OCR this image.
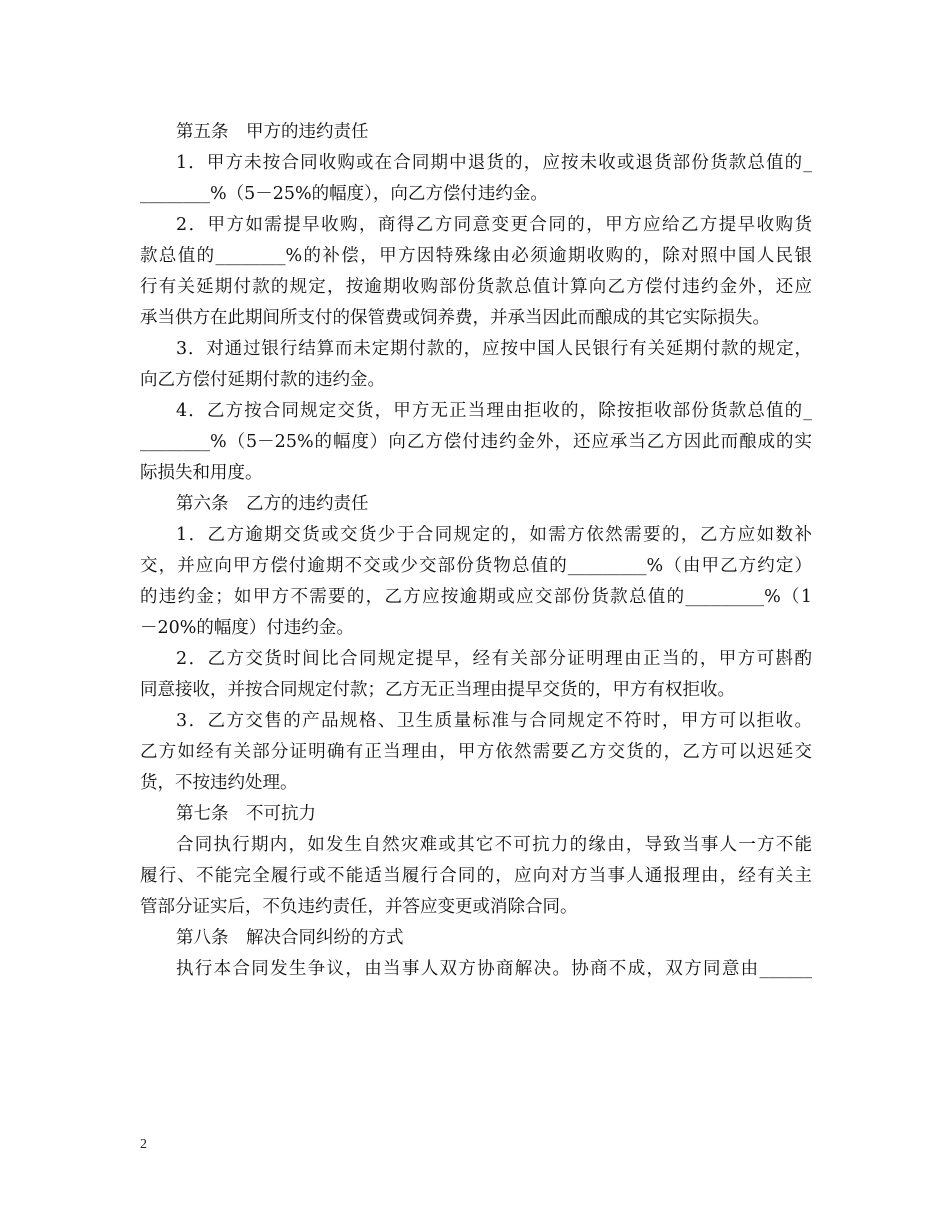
第五条　甲方的违约责任
1．甲方未按合同收购或在合同期中退货的，应按未收或退货部份货款总值的_
________%（5－25%的幅度），向乙方偿付违约金。
2．甲方如需提早收购，商得乙方同意变更合同的，甲方应给乙方提早收购货
款总值的________%的补偿，甲方因特殊缘由必须逾期收购的，除对照中国人民银
行有关延期付款的规定，按逾期收购部份货款总值计算向乙方偿付违约金外，还应
承当供方在此期间所支付的保管费或饲养费，并承当因此而酿成的其它实际损失。
3．对通过银行结算而未定期付款的，应按中国人民银行有关延期付款的规定，
向乙方偿付延期付款的违约金。
4．乙方按合同规定交货，甲方无正当理由拒收的，除按拒收部份货款总值的_
________%（5－25%的幅度）向乙方偿付违约金外，还应承当乙方因此而酿成的实
际损失和用度。
第六条　乙方的违约责任
1．乙方逾期交货或交货少于合同规定的，如需方依然需要的，乙方应如数补
交，并应向甲方偿付逾期不交或少交部份货物总值的_________%（由甲乙方约定）
的违约金；如甲方不需要的，乙方应按逾期或应交部份货款总值的_________%（1
－20%的幅度）付违约金。
2．乙方交货时间比合同规定提早，经有关部分证明理由正当的，甲方可斟酌
同意接收，并按合同规定付款；乙方无正当理由提早交货的，甲方有权拒收。
3．乙方交售的产品规格、卫生质量标准与合同规定不符时，甲方可以拒收。
乙方如经有关部分证明确有正当理由，甲方依然需要乙方交货的，乙方可以迟延交
货，不按违约处理。
第七条　不可抗力
合同执行期内，如发生自然灾难或其它不可抗力的缘由，导致当事人一方不能
履行、不能完全履行或不能适当履行合同的，应向对方当事人通报理由，经有关主
管部分证实后，不负违约责任，并答应变更或消除合同。
第八条　解决合同纠纷的方式
执行本合同发生争议，由当事人双方协商解决。协商不成，双方同意由______
2
